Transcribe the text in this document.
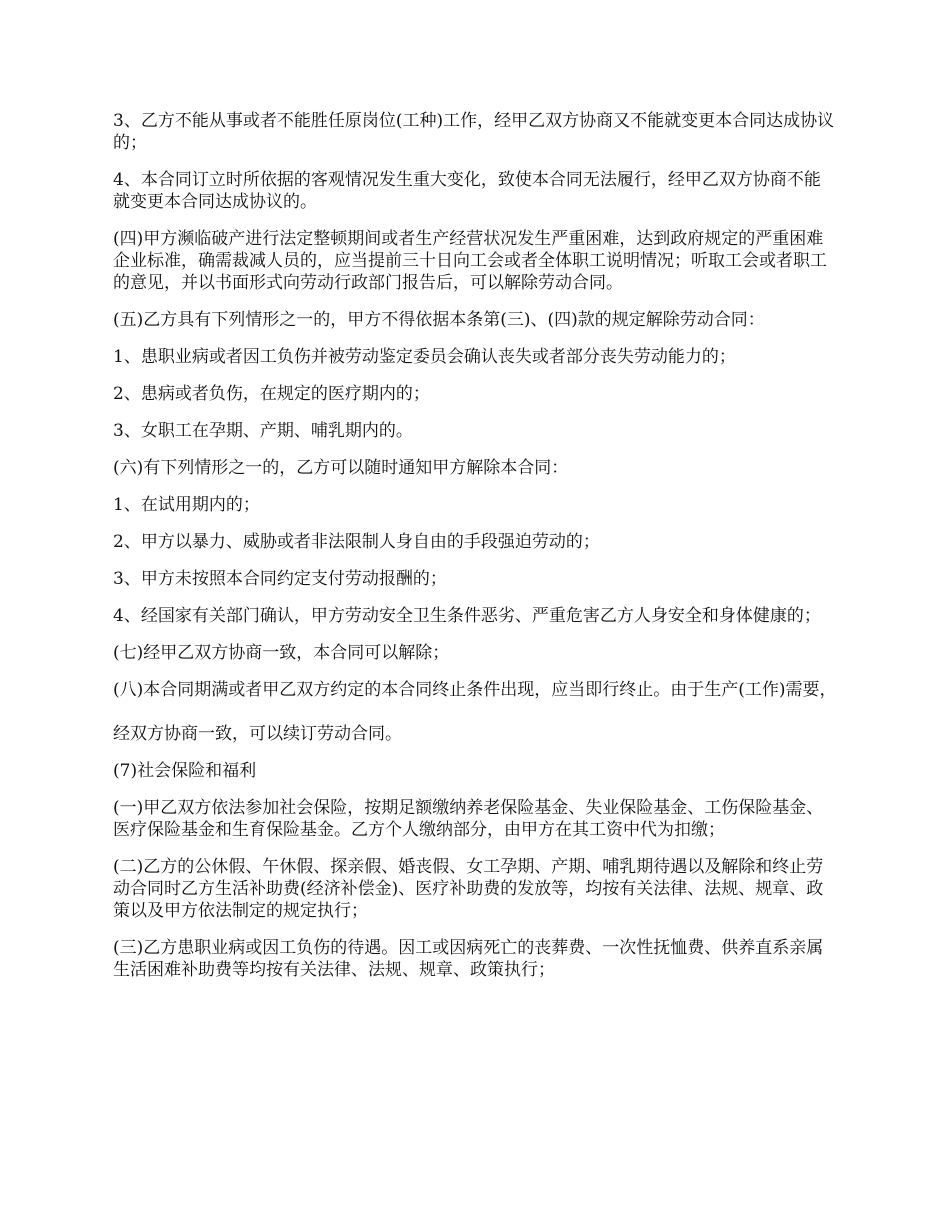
3、乙方不能从事或者不能胜任原岗位(工种)工作，经甲乙双方协商又不能就变更本合同达成协议的；

4、本合同订立时所依据的客观情况发生重大变化，致使本合同无法履行，经甲乙双方协商不能就变更本合同达成协议的。

(四)甲方濒临破产进行法定整顿期间或者生产经营状况发生严重困难，达到政府规定的严重困难企业标准，确需裁减人员的，应当提前三十日向工会或者全体职工说明情况；听取工会或者职工的意见，并以书面形式向劳动行政部门报告后，可以解除劳动合同。

(五)乙方具有下列情形之一的，甲方不得依据本条第(三)、(四)款的规定解除劳动合同：

1、患职业病或者因工负伤并被劳动鉴定委员会确认丧失或者部分丧失劳动能力的；

2、患病或者负伤，在规定的医疗期内的；

3、女职工在孕期、产期、哺乳期内的。

(六)有下列情形之一的，乙方可以随时通知甲方解除本合同：

1、在试用期内的；

2、甲方以暴力、威胁或者非法限制人身自由的手段强迫劳动的；

3、甲方未按照本合同约定支付劳动报酬的；

4、经国家有关部门确认，甲方劳动安全卫生条件恶劣、严重危害乙方人身安全和身体健康的；

(七)经甲乙双方协商一致，本合同可以解除；

(八)本合同期满或者甲乙双方约定的本合同终止条件出现，应当即行终止。由于生产(工作)需要，经双方协商一致，可以续订劳动合同。

(7)社会保险和福利

(一)甲乙双方依法参加社会保险，按期足额缴纳养老保险基金、失业保险基金、工伤保险基金、医疗保险基金和生育保险基金。乙方个人缴纳部分，由甲方在其工资中代为扣缴；

(二)乙方的公休假、午休假、探亲假、婚丧假、女工孕期、产期、哺乳期待遇以及解除和终止劳动合同时乙方生活补助费(经济补偿金)、医疗补助费的发放等，均按有关法律、法规、规章、政策以及甲方依法制定的规定执行；

(三)乙方患职业病或因工负伤的待遇。因工或因病死亡的丧葬费、一次性抚恤费、供养直系亲属生活困难补助费等均按有关法律、法规、规章、政策执行；
